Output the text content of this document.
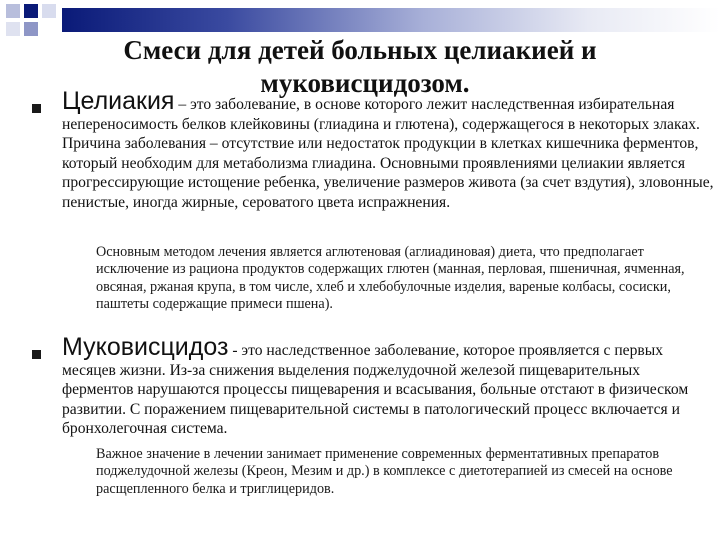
Смеси для детей больных целиакией и
муковисцидозом.

Целиакия – это заболевание, в основе которого лежит наследственная избирательная непереносимость белков клейковины (глиадина и глютена), содержащегося в некоторых злаках. Причина заболевания – отсутствие или недостаток продукции в клетках кишечника ферментов, который необходим для метаболизма глиадина. Основными проявлениями целиакии является прогрессирующие истощение ребенка, увеличение размеров живота (за счет вздутия), зловонные, пенистые, иногда жирные, сероватого цвета испражнения.

Основным методом лечения является аглютеновая (аглиадиновая) диета, что предполагает исключение из рациона продуктов содержащих глютен (манная, перловая, пшеничная, ячменная, овсяная, ржаная крупа, в том числе, хлеб и хлебобулочные изделия, вареные колбасы, сосиски, паштеты содержащие примеси пшена).

Муковисцидоз - это наследственное заболевание, которое проявляется с первых месяцев жизни. Из-за снижения выделения поджелудочной железой пищеварительных ферментов нарушаются процессы пищеварения и всасывания, больные отстают в физическом развитии. С поражением пищеварительной системы в патологический процесс включается и бронхолегочная система.

Важное значение в лечении занимает применение современных ферментативных препаратов поджелудочной железы (Креон, Мезим и др.) в комплексе с диетотерапией из смесей на основе расщепленного белка и триглицеридов.
